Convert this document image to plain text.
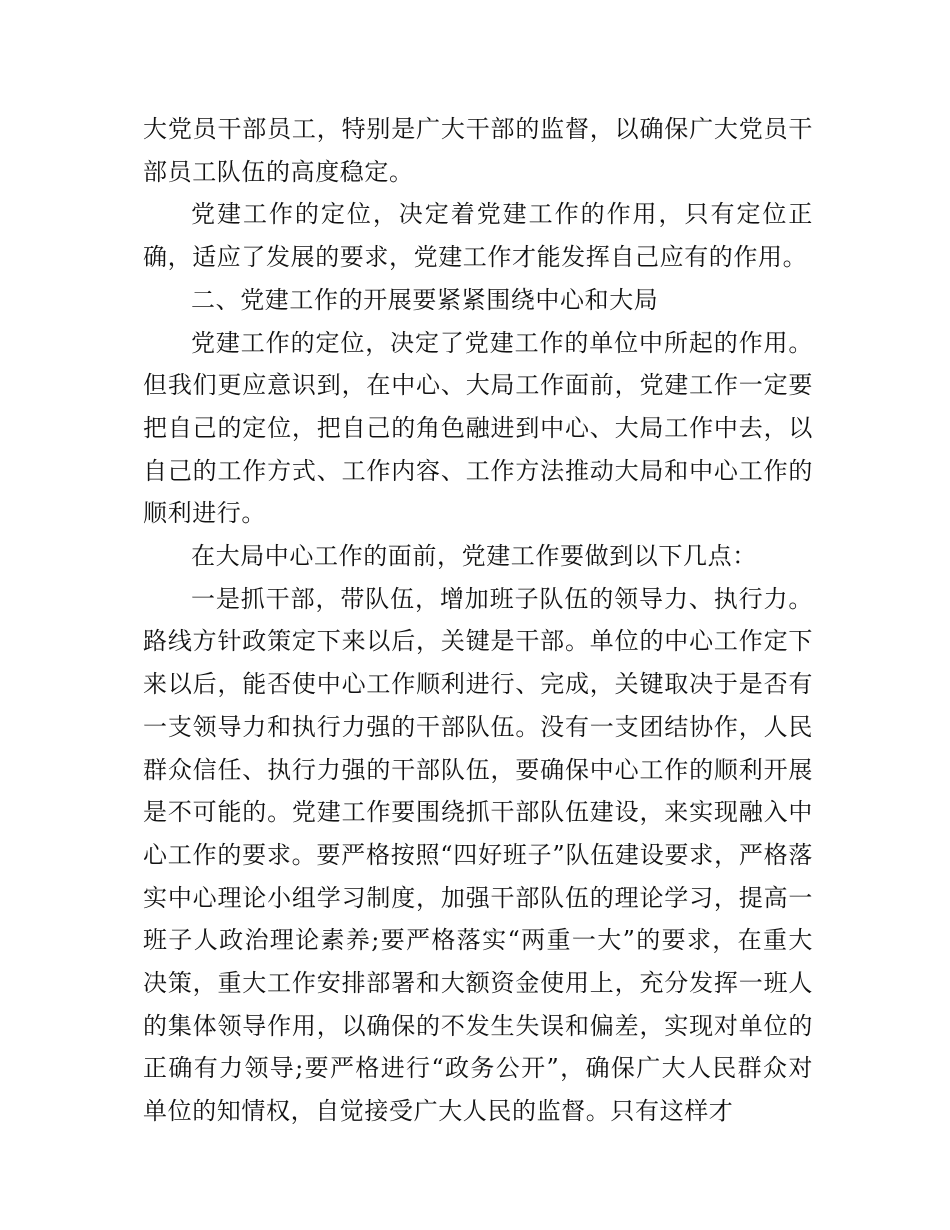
大党员干部员工，特别是广大干部的监督，以确保广大党员干部员工队伍的高度稳定。

党建工作的定位，决定着党建工作的作用，只有定位正确，适应了发展的要求，党建工作才能发挥自己应有的作用。

二、党建工作的开展要紧紧围绕中心和大局

党建工作的定位，决定了党建工作的单位中所起的作用。但我们更应意识到，在中心、大局工作面前，党建工作一定要把自己的定位，把自己的角色融进到中心、大局工作中去，以自己的工作方式、工作内容、工作方法推动大局和中心工作的顺利进行。

在大局中心工作的面前，党建工作要做到以下几点：

一是抓干部，带队伍，增加班子队伍的领导力、执行力。路线方针政策定下来以后，关键是干部。单位的中心工作定下来以后，能否使中心工作顺利进行、完成，关键取决于是否有一支领导力和执行力强的干部队伍。没有一支团结协作，人民群众信任、执行力强的干部队伍，要确保中心工作的顺利开展是不可能的。党建工作要围绕抓干部队伍建设，来实现融入中心工作的要求。要严格按照“四好班子”队伍建设要求，严格落实中心理论小组学习制度，加强干部队伍的理论学习，提高一班子人政治理论素养;要严格落实“两重一大”的要求，在重大决策，重大工作安排部署和大额资金使用上，充分发挥一班人的集体领导作用，以确保的不发生失误和偏差，实现对单位的正确有力领导;要严格进行“政务公开”，确保广大人民群众对单位的知情权，自觉接受广大人民的监督。只有这样才
